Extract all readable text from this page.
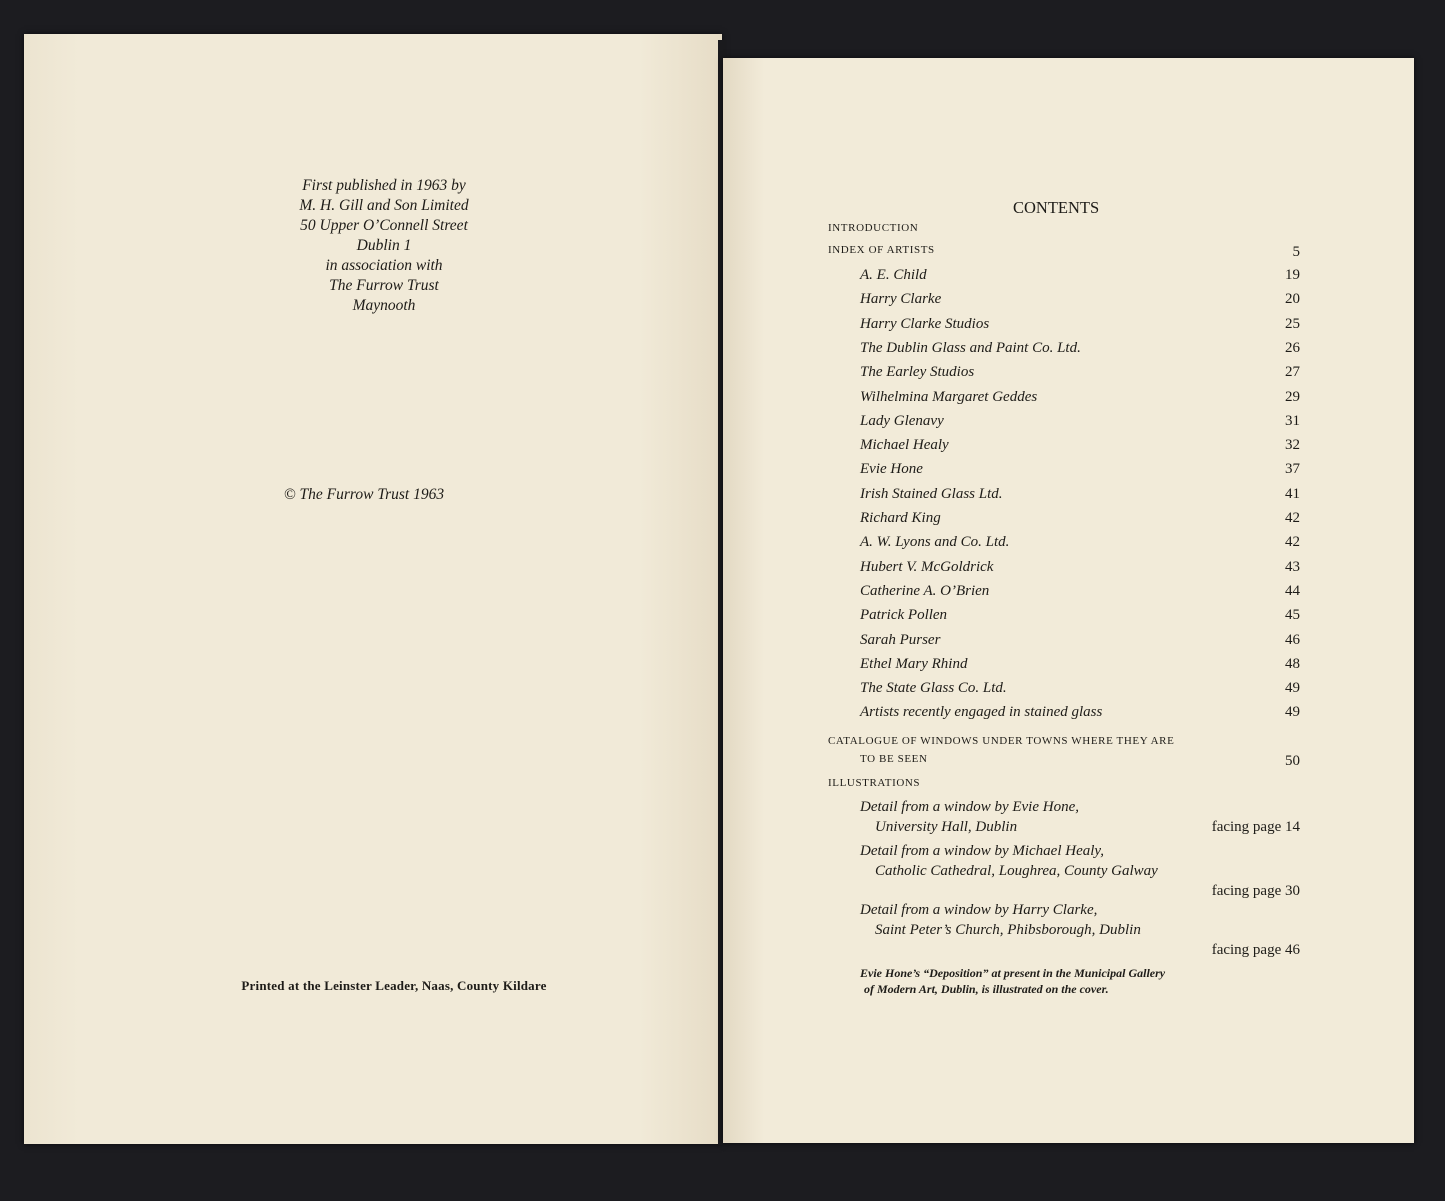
First published in 1963 by
M. H. Gill and Son Limited
50 Upper O’Connell Street
Dublin 1
in association with
The Furrow Trust
Maynooth
© The Furrow Trust 1963
Printed at the Leinster Leader, Naas, County Kildare
CONTENTS
INTRODUCTION
INDEX OF ARTISTS	5
A. E. Child	19
Harry Clarke	20
Harry Clarke Studios	25
The Dublin Glass and Paint Co. Ltd.	26
The Earley Studios	27
Wilhelmina Margaret Geddes	29
Lady Glenavy	31
Michael Healy	32
Evie Hone	37
Irish Stained Glass Ltd.	41
Richard King	42
A. W. Lyons and Co. Ltd.	42
Hubert V. McGoldrick	43
Catherine A. O’Brien	44
Patrick Pollen	45
Sarah Purser	46
Ethel Mary Rhind	48
The State Glass Co. Ltd.	49
Artists recently engaged in stained glass	49
CATALOGUE OF WINDOWS UNDER TOWNS WHERE THEY ARE
TO BE SEEN	50
ILLUSTRATIONS
Detail from a window by Evie Hone,
University Hall, Dublin	facing page 14
Detail from a window by Michael Healy,
Catholic Cathedral, Loughrea, County Galway
facing page 30
Detail from a window by Harry Clarke,
Saint Peter’s Church, Phibsborough, Dublin
facing page 46
Evie Hone’s “Deposition” at present in the Municipal Gallery
of Modern Art, Dublin, is illustrated on the cover.
